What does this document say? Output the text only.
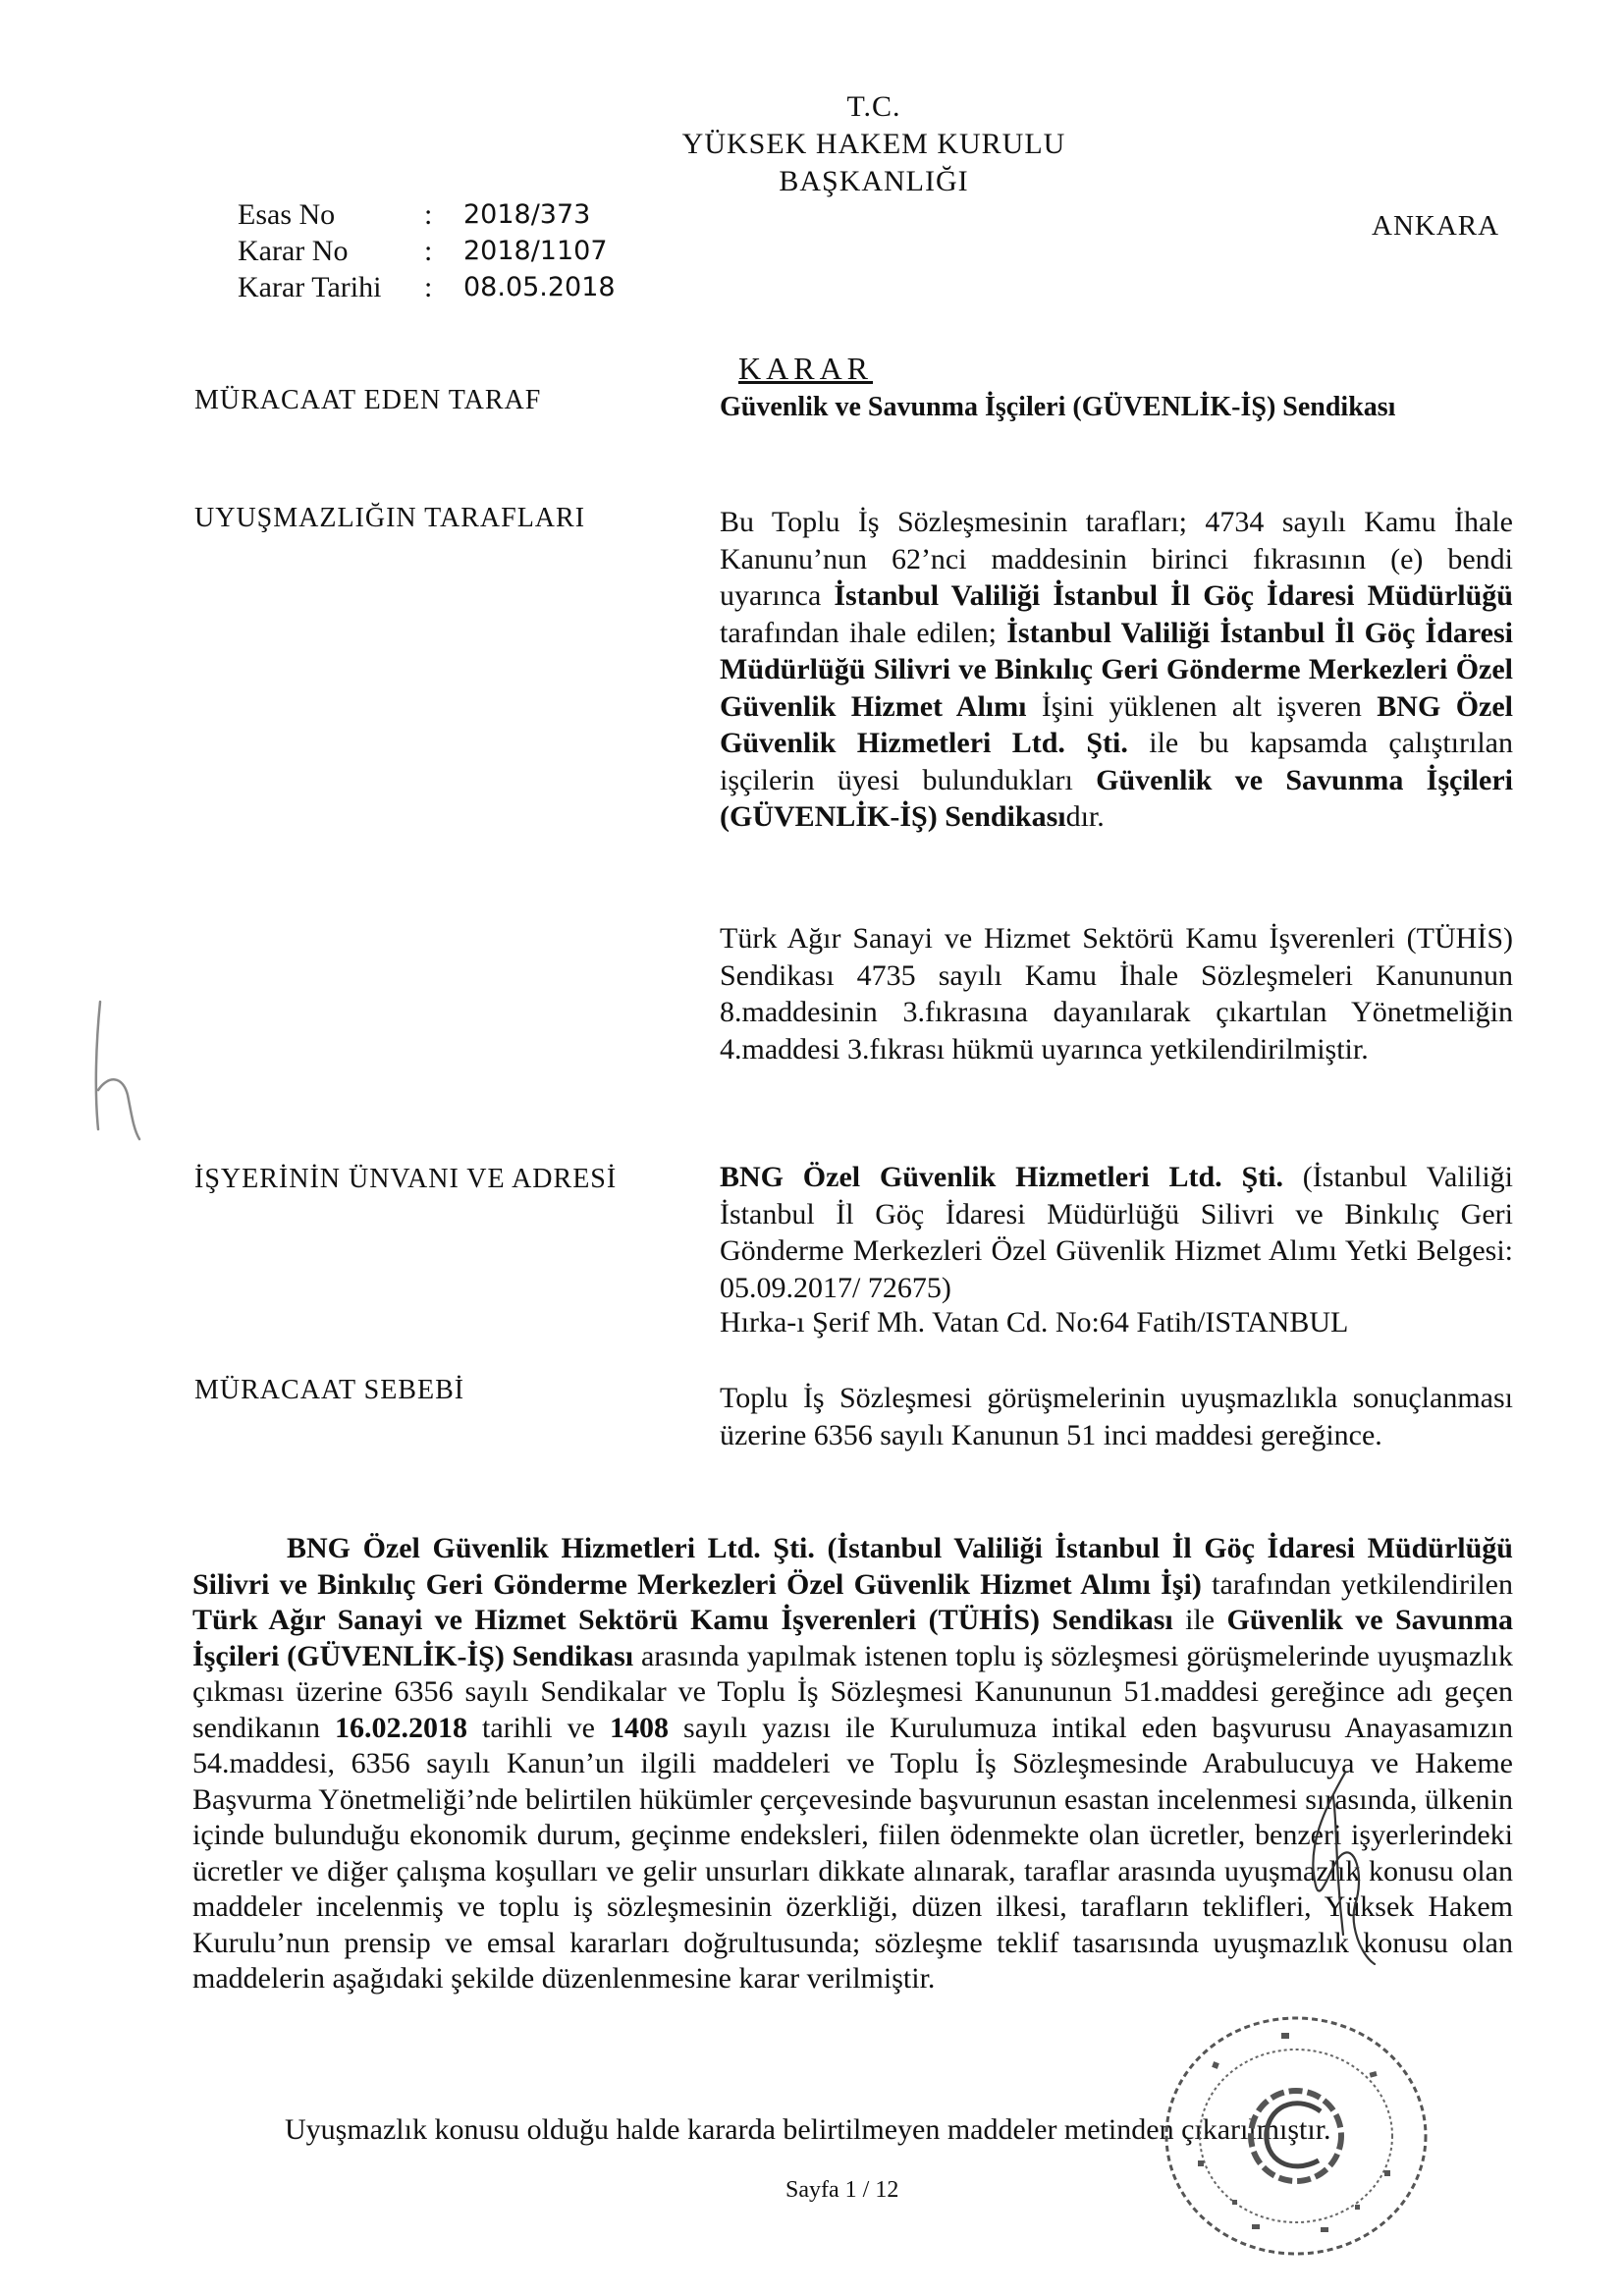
T.C.
YÜKSEK HAKEM KURULU
BAŞKANLIĞI
ANKARA
Esas No	:	2018/373
Karar No	:	2018/1107
Karar Tarihi	:	08.05.2018
KARAR
MÜRACAAT EDEN TARAF	Güvenlik ve Savunma İşçileri (GÜVENLİK-İŞ) Sendikası
UYUŞMAZLIĞIN TARAFLARI	Bu Toplu İş Sözleşmesinin tarafları; 4734 sayılı Kamu İhale Kanunu’nun 62’nci maddesinin birinci fıkrasının (e) bendi uyarınca İstanbul Valiliği İstanbul İl Göç İdaresi Müdürlüğü tarafından ihale edilen; İstanbul Valiliği İstanbul İl Göç İdaresi Müdürlüğü Silivri ve Binkılıç Geri Gönderme Merkezleri Özel Güvenlik Hizmet Alımı İşini yüklenen alt işveren BNG Özel Güvenlik Hizmetleri Ltd. Şti. ile bu kapsamda çalıştırılan işçilerin üyesi bulundukları Güvenlik ve Savunma İşçileri (GÜVENLİK-İŞ) Sendikasıdır.
Türk Ağır Sanayi ve Hizmet Sektörü Kamu İşverenleri (TÜHİS) Sendikası 4735 sayılı Kamu İhale Sözleşmeleri Kanununun 8.maddesinin 3.fıkrasına dayanılarak çıkartılan Yönetmeliğin 4.maddesi 3.fıkrası hükmü uyarınca yetkilendirilmiştir.
İŞYERİNİN ÜNVANI VE ADRESİ	BNG Özel Güvenlik Hizmetleri Ltd. Şti. (İstanbul Valiliği İstanbul İl Göç İdaresi Müdürlüğü Silivri ve Binkılıç Geri Gönderme Merkezleri Özel Güvenlik Hizmet Alımı Yetki Belgesi: 05.09.2017/ 72675)
Hırka-ı Şerif Mh. Vatan Cd. No:64 Fatih/ISTANBUL
MÜRACAAT SEBEBİ	Toplu İş Sözleşmesi görüşmelerinin uyuşmazlıkla sonuçlanması üzerine 6356 sayılı Kanunun 51 inci maddesi gereğince.
BNG Özel Güvenlik Hizmetleri Ltd. Şti. (İstanbul Valiliği İstanbul İl Göç İdaresi Müdürlüğü Silivri ve Binkılıç Geri Gönderme Merkezleri Özel Güvenlik Hizmet Alımı İşi) tarafından yetkilendirilen Türk Ağır Sanayi ve Hizmet Sektörü Kamu İşverenleri (TÜHİS) Sendikası ile Güvenlik ve Savunma İşçileri (GÜVENLİK-İŞ) Sendikası arasında yapılmak istenen toplu iş sözleşmesi görüşmelerinde uyuşmazlık çıkması üzerine 6356 sayılı Sendikalar ve Toplu İş Sözleşmesi Kanununun 51.maddesi gereğince adı geçen sendikanın 16.02.2018 tarihli ve 1408 sayılı yazısı ile Kurulumuza intikal eden başvurusu Anayasamızın 54.maddesi, 6356 sayılı Kanun’un ilgili maddeleri ve Toplu İş Sözleşmesinde Arabulucuya ve Hakeme Başvurma Yönetmeliği’nde belirtilen hükümler çerçevesinde başvurunun esastan incelenmesi sırasında, ülkenin içinde bulunduğu ekonomik durum, geçinme endeksleri, fiilen ödenmekte olan ücretler, benzeri işyerlerindeki ücretler ve diğer çalışma koşulları ve gelir unsurları dikkate alınarak, taraflar arasında uyuşmazlık konusu olan maddeler incelenmiş ve toplu iş sözleşmesinin özerkliği, düzen ilkesi, tarafların teklifleri, Yüksek Hakem Kurulu’nun prensip ve emsal kararları doğrultusunda; sözleşme teklif tasarısında uyuşmazlık konusu olan maddelerin aşağıdaki şekilde düzenlenmesine karar verilmiştir.
Uyuşmazlık konusu olduğu halde kararda belirtilmeyen maddeler metinden çıkarılmıştır.
Sayfa 1 / 12
